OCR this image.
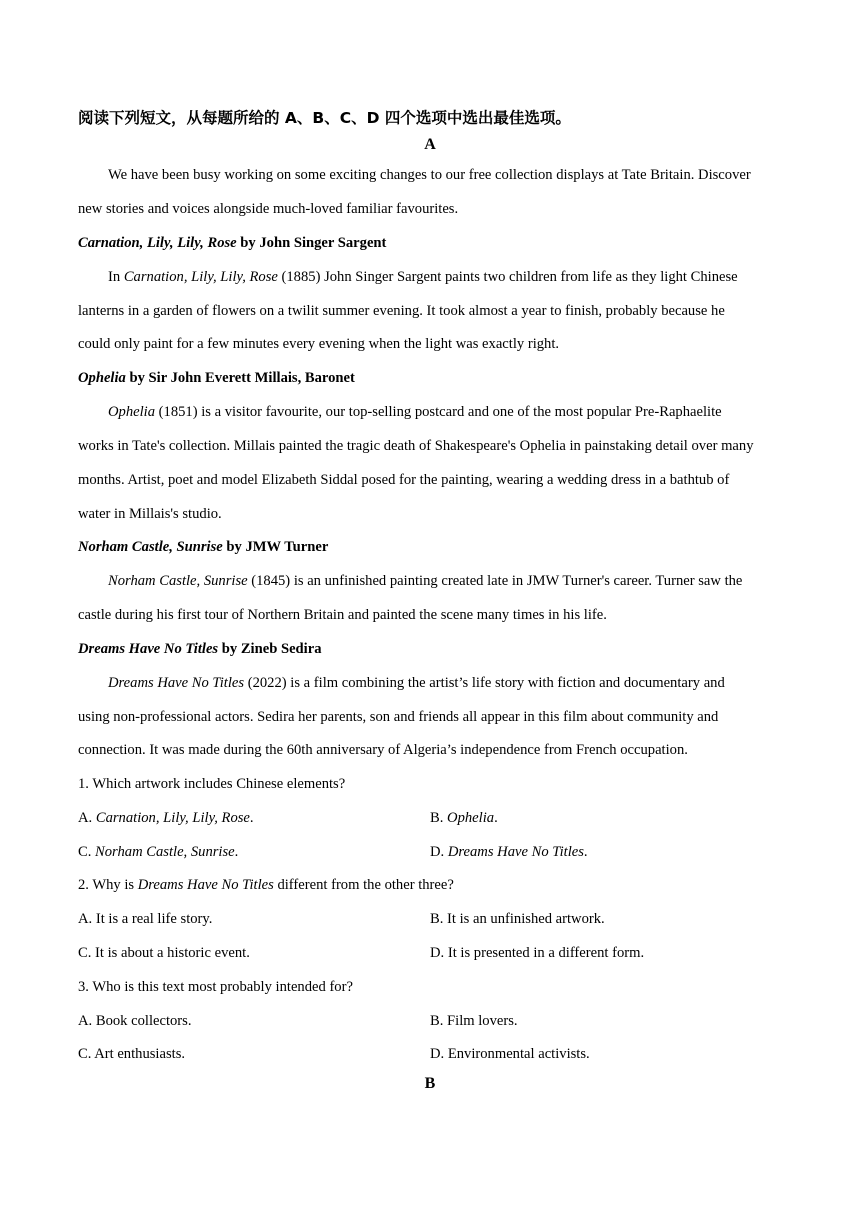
阅读下列短文，从每题所给的 A、B、C、D 四个选项中选出最佳选项。
A
We have been busy working on some exciting changes to our free collection displays at Tate Britain. Discover
new stories and voices alongside much-loved familiar favourites.
Carnation, Lily, Lily, Rose by John Singer Sargent
In Carnation, Lily, Lily, Rose (1885) John Singer Sargent paints two children from life as they light Chinese
lanterns in a garden of flowers on a twilit summer evening. It took almost a year to finish, probably because he
could only paint for a few minutes every evening when the light was exactly right.
Ophelia by Sir John Everett Millais, Baronet
Ophelia (1851) is a visitor favourite, our top-selling postcard and one of the most popular Pre-Raphaelite
works in Tate's collection. Millais painted the tragic death of Shakespeare's Ophelia in painstaking detail over many
months. Artist, poet and model Elizabeth Siddal posed for the painting, wearing a wedding dress in a bathtub of
water in Millais's studio.
Norham Castle, Sunrise by JMW Turner
Norham Castle, Sunrise (1845) is an unfinished painting created late in JMW Turner's career. Turner saw the
castle during his first tour of Northern Britain and painted the scene many times in his life.
Dreams Have No Titles by Zineb Sedira
Dreams Have No Titles (2022) is a film combining the artist’s life story with fiction and documentary and
using non-professional actors. Sedira her parents, son and friends all appear in this film about community and
connection. It was made during the 60th anniversary of Algeria’s independence from French occupation.
1. Which artwork includes Chinese elements?
A. Carnation, Lily, Lily, Rose.	B. Ophelia.
C. Norham Castle, Sunrise.	D. Dreams Have No Titles.
2. Why is Dreams Have No Titles different from the other three?
A. It is a real life story.	B. It is an unfinished artwork.
C. It is about a historic event.	D. It is presented in a different form.
3. Who is this text most probably intended for?
A. Book collectors.	B. Film lovers.
C. Art enthusiasts.	D. Environmental activists.
B
